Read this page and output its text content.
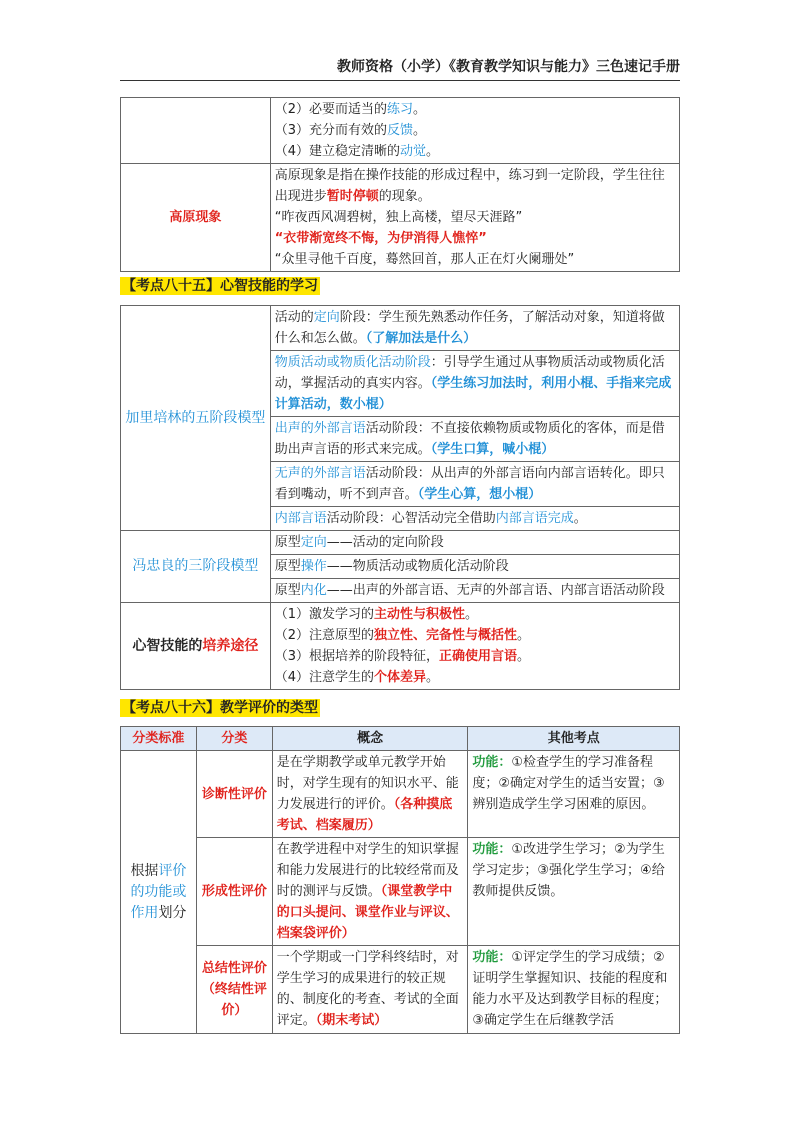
教师资格（小学）《教育教学知识与能力》三色速记手册

	（2）必要而适当的练习。

（3）充分而有效的反馈。

（4）建立稳定清晰的动觉。

高原现象	高原现象是指在操作技能的形成过程中，练习到一定阶段，学生往往出现进步暂时停顿的现象。

“昨夜西风凋碧树，独上高楼，望尽天涯路”

“衣带渐宽终不悔，为伊消得人憔悴”

“众里寻他千百度，蓦然回首，那人正在灯火阑珊处”

【考点八十五】心智技能的学习
加里培林的五阶段模型	活动的定向阶段：学生预先熟悉动作任务，了解活动对象，知道将做什么和怎么做。（了解加法是什么）
	物质活动或物质化活动阶段：引导学生通过从事物质活动或物质化活动，掌握活动的真实内容。（学生练习加法时，利用小棍、手指来完成计算活动，数小棍）
	出声的外部言语活动阶段：不直接依赖物质或物质化的客体，而是借助出声言语的形式来完成。（学生口算，喊小棍）
	无声的外部言语活动阶段：从出声的外部言语向内部言语转化。即只看到嘴动，听不到声音。（学生心算，想小棍）
	内部言语活动阶段：心智活动完全借助内部言语完成。
冯忠良的三阶段模型	原型定向——活动的定向阶段
	原型操作——物质活动或物质化活动阶段
	原型内化——出声的外部言语、无声的外部言语、内部言语活动阶段
心智技能的培养途径	（1）激发学习的主动性与积极性。

（2）注意原型的独立性、完备性与概括性。

（3）根据培养的阶段特征，正确使用言语。

（4）注意学生的个体差异。

【考点八十六】教学评价的类型
分类标准	分类	概念	其他考点
根据评价的功能或作用划分	诊断性评价	是在学期教学或单元教学开始时，对学生现有的知识水平、能力发展进行的评价。（各种摸底考试、档案履历）	功能：①检查学生的学习准备程度；②确定对学生的适当安置；③辨别造成学生学习困难的原因。
	形成性评价	在教学进程中对学生的知识掌握和能力发展进行的比较经常而及时的测评与反馈。（课堂教学中的口头提问、课堂作业与评议、档案袋评价）	功能：①改进学生学习；②为学生学习定步；③强化学生学习；④给教师提供反馈。
	总结性评价（终结性评价）	一个学期或一门学科终结时，对学生学习的成果进行的较正规的、制度化的考查、考试的全面评定。（期末考试）	功能：①评定学生的学习成绩；②证明学生掌握知识、技能的程度和能力水平及达到教学目标的程度；③确定学生在后继教学活
